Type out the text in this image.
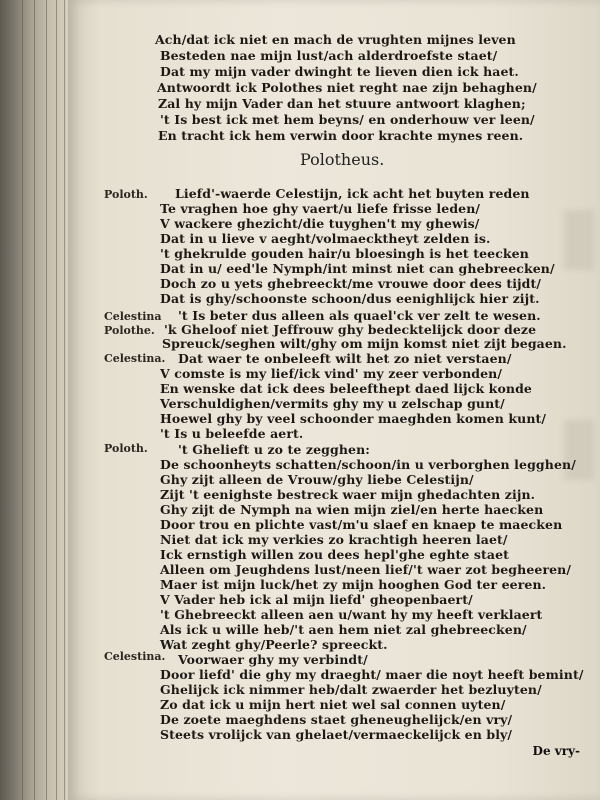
Ach/dat ick niet en mach de vrughten mijnes leven
Besteden nae mijn lust/ach alderdroefste staet/
Dat my mijn vader dwinght te lieven dien ick haet.
Antwoordt ick Polothes niet reght nae zijn behaghen/
Zal hy mijn Vader dan het stuure antwoort klaghen;
't Is best ick met hem beyns/ en onderhouw ver leen/
En tracht ick hem verwin door krachte mynes reen.
Polotheus.
Poloth.
Celestina
Polothe.
Celestina.
Poloth.
Celestina.
Liefd'-waerde Celestijn, ick acht het buyten reden
Te vraghen hoe ghy vaert/u liefe frisse leden/
V wackere ghezicht/die tuyghen't my ghewis/
Dat in u lieve v aeght/volmaecktheyt zelden is.
't ghekrulde gouden hair/u bloesingh is het teecken
Dat in u/ eed'le Nymph/int minst niet can ghebreecken/
Doch zo u yets ghebreeckt/me vrouwe door dees tijdt/
Dat is ghy/schoonste schoon/dus eenighlijck hier zijt.
't Is beter dus alleen als quael'ck ver zelt te wesen.
'k Gheloof niet Jeffrouw ghy bedecktelijck door deze
Spreuck/seghen wilt/ghy om mijn komst niet zijt begaen.
Dat waer te onbeleeft wilt het zo niet verstaen/
V comste is my lief/ick vind' my zeer verbonden/
En wenske dat ick dees beleefthept daed lijck konde
Verschuldighen/vermits ghy my u zelschap gunt/
Hoewel ghy by veel schoonder maeghden komen kunt/
't Is u beleefde aert.
't Ghelieft u zo te zegghen:
De schoonheyts schatten/schoon/in u verborghen legghen/
Ghy zijt alleen de Vrouw/ghy liebe Celestijn/
Zijt 't eenighste bestreck waer mijn ghedachten zijn.
Ghy zijt de Nymph na wien mijn ziel/en herte haecken
Door trou en plichte vast/m'u slaef en knaep te maecken
Niet dat ick my verkies zo krachtigh heeren laet/
Ick ernstigh willen zou dees hepl'ghe eghte staet
Alleen om Jeughdens lust/neen lief/'t waer zot begheeren/
Maer ist mijn luck/het zy mijn hooghen God ter eeren.
V Vader heb ick al mijn liefd' gheopenbaert/
't Ghebreeckt alleen aen u/want hy my heeft verklaert
Als ick u wille heb/'t aen hem niet zal ghebreecken/
Wat zeght ghy/Peerle? spreeckt.
Voorwaer ghy my verbindt/
Door liefd' die ghy my draeght/ maer die noyt heeft bemint/
Ghelijck ick nimmer heb/dalt zwaerder het bezluyten/
Zo dat ick u mijn hert niet wel sal connen uyten/
De zoete maeghdens staet gheneughelijck/en vry/
Steets vrolijck van ghelaet/vermaeckelijck en bly/
De vry-
